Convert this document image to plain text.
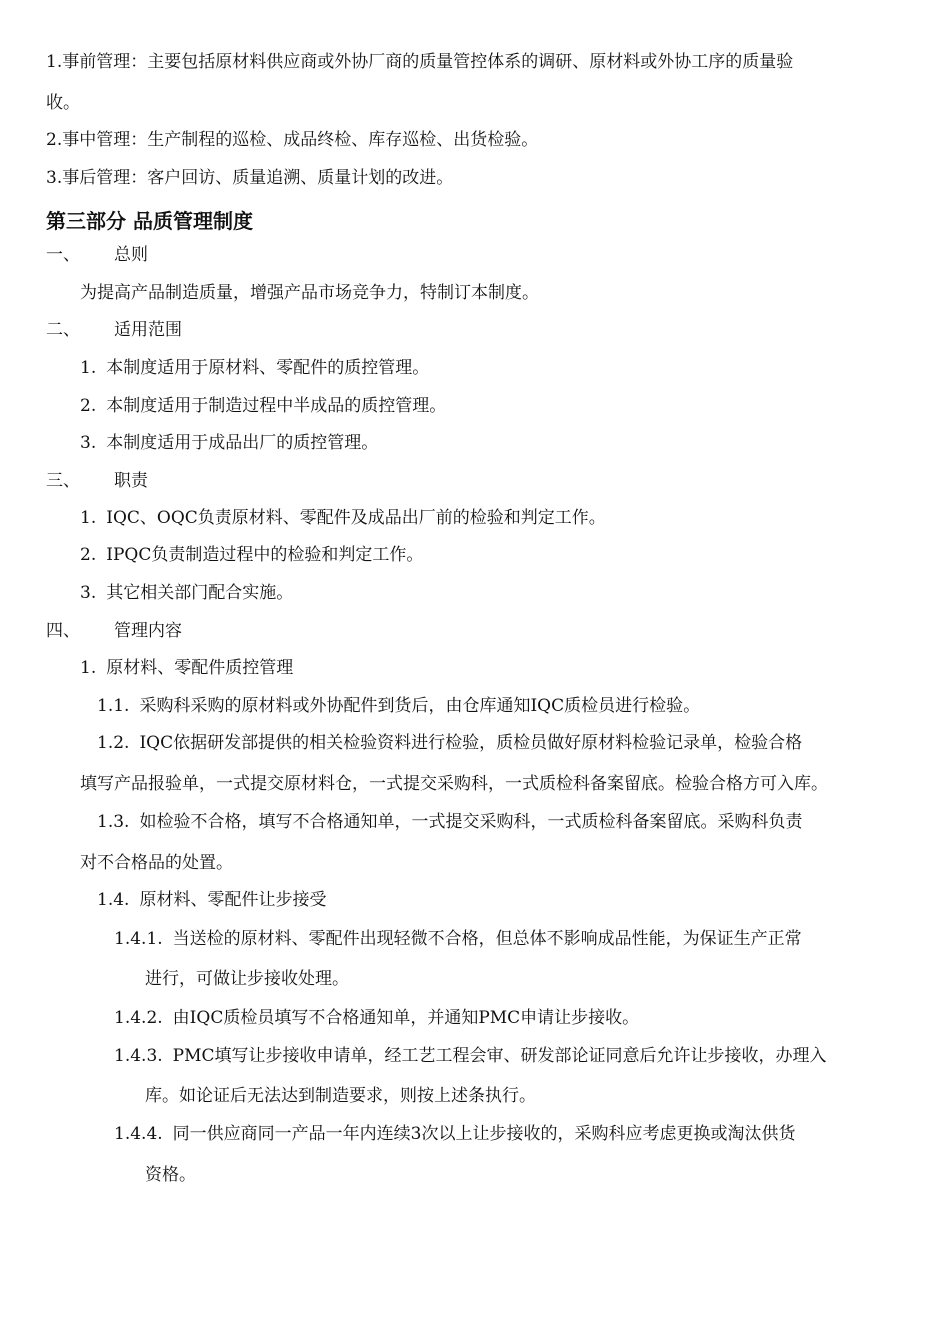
1.事前管理：主要包括原材料供应商或外协厂商的质量管控体系的调研、原材料或外协工序的质量验
收。
2.事中管理：生产制程的巡检、成品终检、库存巡检、出货检验。
3.事后管理：客户回访、质量追溯、质量计划的改进。
第三部分 品质管理制度
一、 总则
为提高产品制造质量，增强产品市场竞争力，特制订本制度。
二、 适用范围
1. 本制度适用于原材料、零配件的质控管理。
2. 本制度适用于制造过程中半成品的质控管理。
3. 本制度适用于成品出厂的质控管理。
三、 职责
1. IQC、OQC负责原材料、零配件及成品出厂前的检验和判定工作。
2. IPQC负责制造过程中的检验和判定工作。
3. 其它相关部门配合实施。
四、 管理内容
1. 原材料、零配件质控管理
1.1. 采购科采购的原材料或外协配件到货后，由仓库通知IQC质检员进行检验。
1.2. IQC依据研发部提供的相关检验资料进行检验，质检员做好原材料检验记录单，检验合格
填写产品报验单，一式提交原材料仓，一式提交采购科，一式质检科备案留底。检验合格方可入库。
1.3. 如检验不合格，填写不合格通知单，一式提交采购科，一式质检科备案留底。采购科负责
对不合格品的处置。
1.4. 原材料、零配件让步接受
1.4.1. 当送检的原材料、零配件出现轻微不合格，但总体不影响成品性能，为保证生产正常
进行，可做让步接收处理。
1.4.2. 由IQC质检员填写不合格通知单，并通知PMC申请让步接收。
1.4.3. PMC填写让步接收申请单，经工艺工程会审、研发部论证同意后允许让步接收，办理入
库。如论证后无法达到制造要求，则按上述条执行。
1.4.4. 同一供应商同一产品一年内连续3次以上让步接收的，采购科应考虑更换或淘汰供货
资格。
